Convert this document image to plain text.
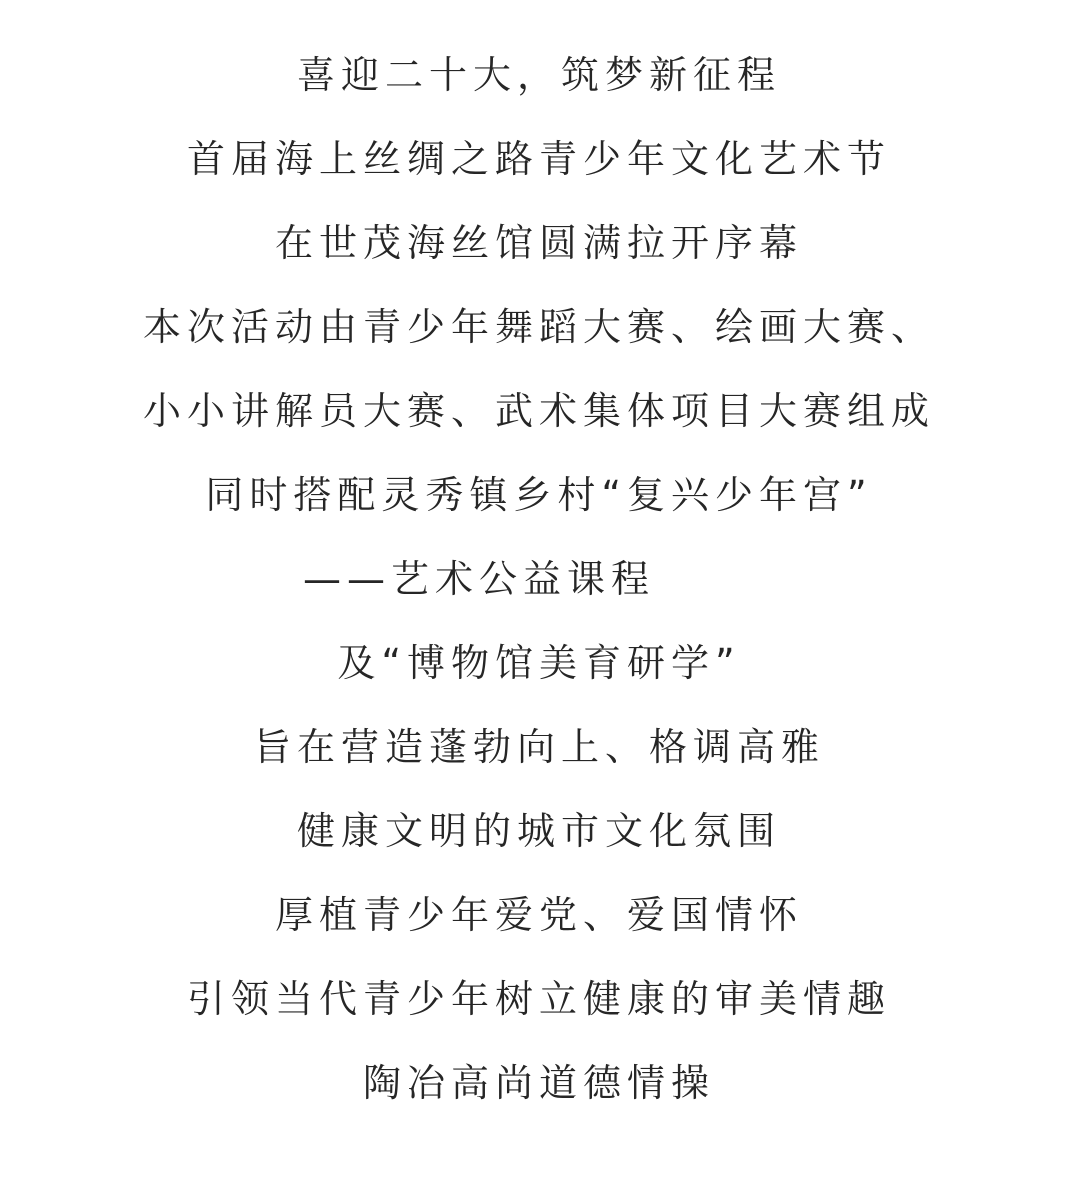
喜迎二十大，筑梦新征程
首届海上丝绸之路青少年文化艺术节
在世茂海丝馆圆满拉开序幕
本次活动由青少年舞蹈大赛、绘画大赛、
小小讲解员大赛、武术集体项目大赛组成
同时搭配灵秀镇乡村“复兴少年宫”
——艺术公益课程
及“博物馆美育研学”
旨在营造蓬勃向上、格调高雅
健康文明的城市文化氛围
厚植青少年爱党、爱国情怀
引领当代青少年树立健康的审美情趣
陶冶高尚道德情操
